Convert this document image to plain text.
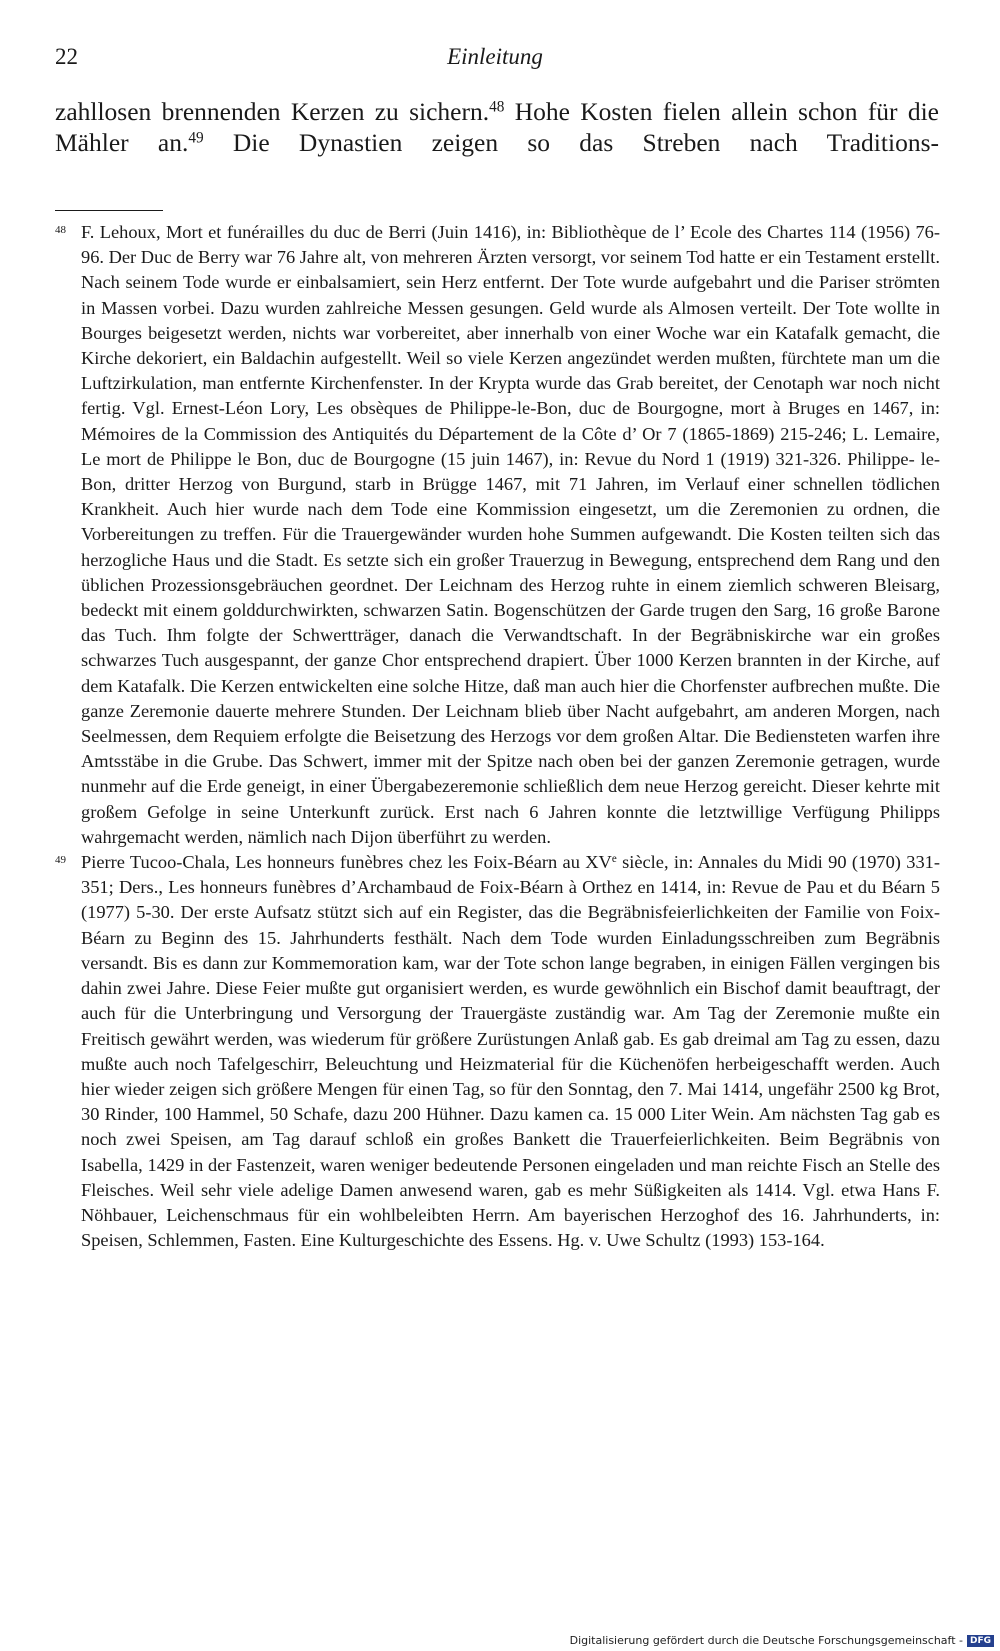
22	Einleitung
zahllosen brennenden Kerzen zu sichern.$^{48}$ Hohe Kosten fielen allein schon für die Mähler an.$^{49}$ Die Dynastien zeigen so das Streben nach Traditions-
48 F. Lehoux, Mort et funérailles du duc de Berri (Juin 1416), in: Bibliothèque de l’ Ecole des Chartes 114 (1956) 76-96. Der Duc de Berry war 76 Jahre alt, von mehreren Ärzten versorgt, vor seinem Tod hatte er ein Testament erstellt. Nach seinem Tode wurde er einbalsamiert, sein Herz entfernt. Der Tote wurde aufgebahrt und die Pariser strömten in Massen vorbei. Dazu wurden zahlreiche Messen gesungen. Geld wurde als Almosen verteilt. Der Tote wollte in Bourges beigesetzt werden, nichts war vorbereitet, aber innerhalb von einer Woche war ein Katafalk gemacht, die Kirche dekoriert, ein Baldachin aufgestellt. Weil so viele Kerzen angezündet werden mußten, fürchtete man um die Luftzirkulation, man entfernte Kirchenfenster. In der Krypta wurde das Grab bereitet, der Cenotaph war noch nicht fertig. Vgl. Ernest-Léon Lory, Les obsèques de Philippe-le-Bon, duc de Bourgogne, mort à Bruges en 1467, in: Mémoires de la Commission des Antiquités du Département de la Côte d’ Or 7 (1865-1869) 215-246; L. Lemaire, Le mort de Philippe le Bon, duc de Bourgogne (15 juin 1467), in: Revue du Nord 1 (1919) 321-326. Philippe- le-Bon, dritter Herzog von Burgund, starb in Brügge 1467, mit 71 Jahren, im Verlauf einer schnellen tödlichen Krankheit. Auch hier wurde nach dem Tode eine Kommission eingesetzt, um die Zeremonien zu ordnen, die Vorbereitungen zu treffen. Für die Trauergewänder wurden hohe Summen aufgewandt. Die Kosten teilten sich das herzogliche Haus und die Stadt. Es setzte sich ein großer Trauerzug in Bewegung, entsprechend dem Rang und den üblichen Prozessionsgebräuchen geordnet. Der Leichnam des Herzog ruhte in einem ziemlich schweren Bleisarg, bedeckt mit einem golddurchwirkten, schwarzen Satin. Bogenschützen der Garde trugen den Sarg, 16 große Barone das Tuch. Ihm folgte der Schwertträger, danach die Verwandtschaft. In der Begräbniskirche war ein großes schwarzes Tuch ausgespannt, der ganze Chor entsprechend drapiert. Über 1000 Kerzen brannten in der Kirche, auf dem Katafalk. Die Kerzen entwickelten eine solche Hitze, daß man auch hier die Chorfenster aufbrechen mußte. Die ganze Zeremonie dauerte mehrere Stunden. Der Leichnam blieb über Nacht aufgebahrt, am anderen Morgen, nach Seelmessen, dem Requiem erfolgte die Beisetzung des Herzogs vor dem großen Altar. Die Bediensteten warfen ihre Amtsstäbe in die Grube. Das Schwert, immer mit der Spitze nach oben bei der ganzen Zeremonie getragen, wurde nunmehr auf die Erde geneigt, in einer Übergabezeremonie schließlich dem neue Herzog gereicht. Dieser kehrte mit großem Gefolge in seine Unterkunft zurück. Erst nach 6 Jahren konnte die letztwillige Verfügung Philipps wahrgemacht werden, nämlich nach Dijon überführt zu werden.
49 Pierre Tucoo-Chala, Les honneurs funèbres chez les Foix-Béarn au XVe siècle, in: Annales du Midi 90 (1970) 331-351; Ders., Les honneurs funèbres d’Archambaud de Foix-Béarn à Orthez en 1414, in: Revue de Pau et du Béarn 5 (1977) 5-30. Der erste Aufsatz stützt sich auf ein Register, das die Begräbnisfeierlichkeiten der Familie von Foix-Béarn zu Beginn des 15. Jahrhunderts festhält. Nach dem Tode wurden Einladungsschreiben zum Begräbnis versandt. Bis es dann zur Kommemoration kam, war der Tote schon lange begraben, in einigen Fällen vergingen bis dahin zwei Jahre. Diese Feier mußte gut organisiert werden, es wurde gewöhnlich ein Bischof damit beauftragt, der auch für die Unterbringung und Versorgung der Trauergäste zuständig war. Am Tag der Zeremonie mußte ein Freitisch gewährt werden, was wiederum für größere Zurüstungen Anlaß gab. Es gab dreimal am Tag zu essen, dazu mußte auch noch Tafelgeschirr, Beleuchtung und Heizmaterial für die Küchenöfen herbeigeschafft werden. Auch hier wieder zeigen sich größere Mengen für einen Tag, so für den Sonntag, den 7. Mai 1414, ungefähr 2500 kg Brot, 30 Rinder, 100 Hammel, 50 Schafe, dazu 200 Hühner. Dazu kamen ca. 15 000 Liter Wein. Am nächsten Tag gab es noch zwei Speisen, am Tag darauf schloß ein großes Bankett die Trauerfeierlichkeiten. Beim Begräbnis von Isabella, 1429 in der Fastenzeit, waren weniger bedeutende Personen eingeladen und man reichte Fisch an Stelle des Fleisches. Weil sehr viele adelige Damen anwesend waren, gab es mehr Süßigkeiten als 1414. Vgl. etwa Hans F. Nöhbauer, Leichenschmaus für ein wohlbeleibten Herrn. Am bayerischen Herzoghof des 16. Jahrhunderts, in: Speisen, Schlemmen, Fasten. Eine Kulturgeschichte des Essens. Hg. v. Uwe Schultz (1993) 153-164.
Digitalisierung gefördert durch die Deutsche Forschungsgemeinschaft - DFG
